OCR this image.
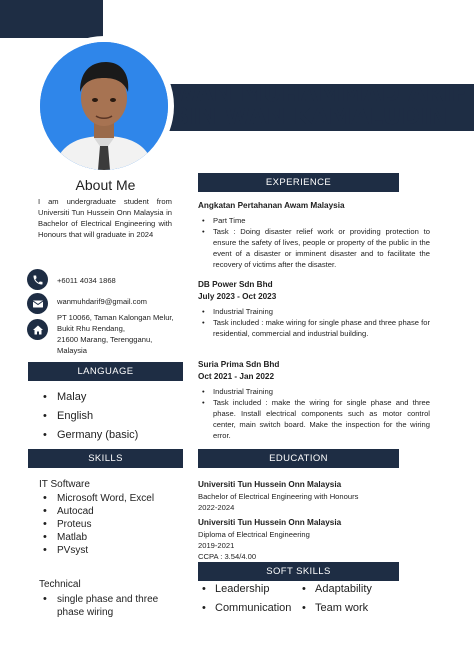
WAN MUHAMMAD ARIF
BIN WAN KAMALUDIN
About Me
I am undergraduate student from Universiti Tun Hussein Onn Malaysia in Bachelor of Electrical Engineering with Honours that will graduate in 2024
+6011 4034 1868
wanmuhdarif9@gmail.com
PT 10066, Taman Kalongan Melur,
Bukit Rhu Rendang,
21600 Marang, Terengganu,
Malaysia
LANGUAGE
• Malay
• English
• Germany (basic)
SKILLS
IT Software
• Microsoft Word, Excel
• Autocad
• Proteus
• Matlab
• PVsyst
Technical
• single phase and three phase wiring
EXPERIENCE
Angkatan Pertahanan Awam Malaysia
• Part Time
• Task : Doing disaster relief work or providing protection to ensure the safety of lives, people or property of the public in the event of a disaster or imminent disaster and to facilitate the recovery of victims after the disaster.
DB Power Sdn Bhd
July 2023 - Oct 2023
• Industrial Training
• Task included : make wiring for single phase and three phase for residential, commercial and industrial building.
Suria Prima Sdn Bhd
Oct 2021 - Jan 2022
• Industrial Training
• Task included : make the wiring for single phase and three phase. Install electrical components such as motor control center, main switch board. Make the inspection for the wiring error.
EDUCATION
Universiti Tun Hussein Onn Malaysia
Bachelor of Electrical Engineering with Honours
2022-2024
Universiti Tun Hussein Onn Malaysia
Diploma of Electrical Engineering
2019-2021
CCPA : 3.54/4.00
SOFT SKILLS
• Leadership	• Adaptability
• Communication	• Team work
